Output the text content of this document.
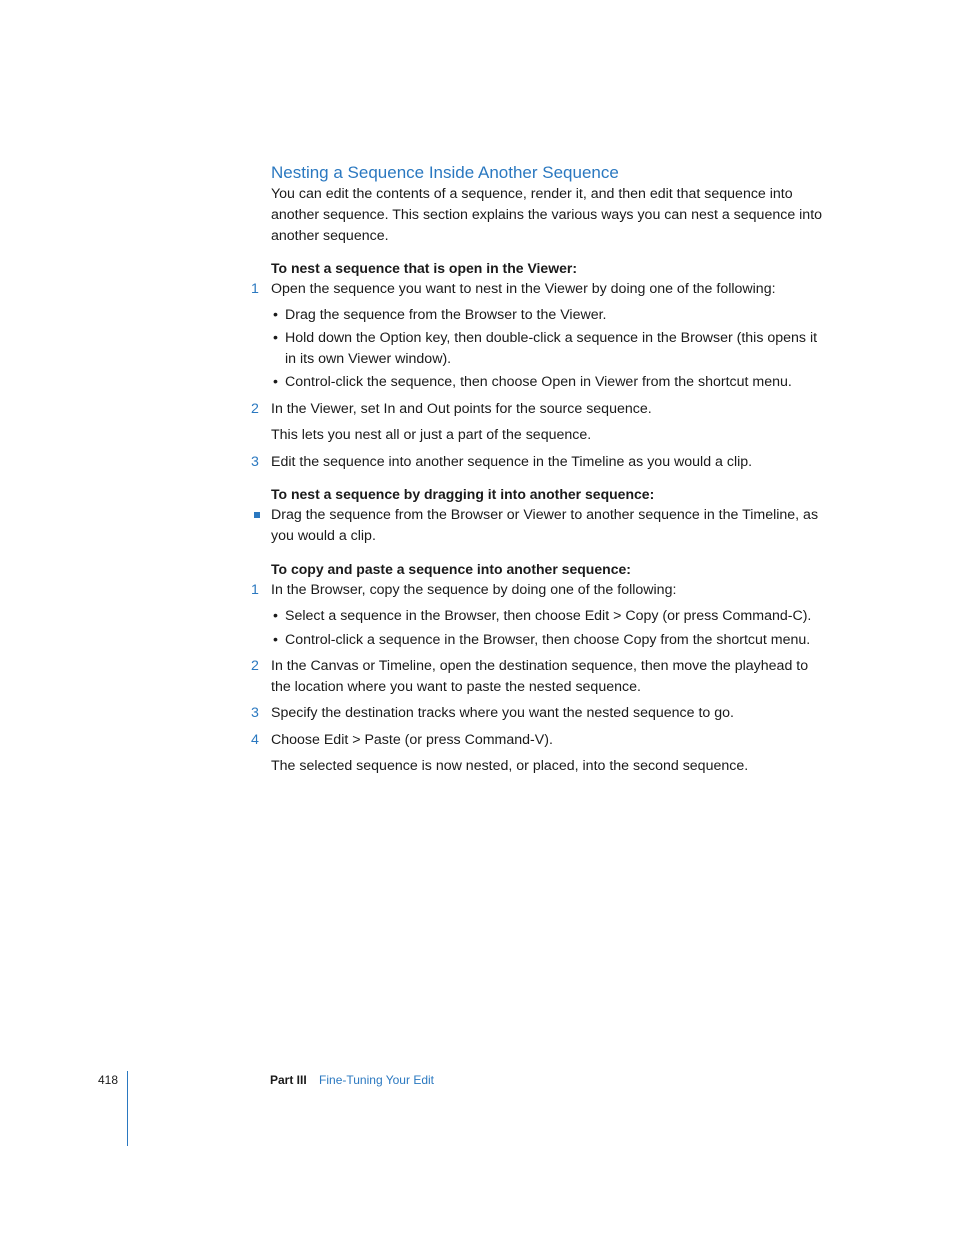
Nesting a Sequence Inside Another Sequence

You can edit the contents of a sequence, render it, and then edit that sequence into another sequence. This section explains the various ways you can nest a sequence into another sequence.

To nest a sequence that is open in the Viewer:

1 Open the sequence you want to nest in the Viewer by doing one of the following:
• Drag the sequence from the Browser to the Viewer.
• Hold down the Option key, then double-click a sequence in the Browser (this opens it in its own Viewer window).
• Control-click the sequence, then choose Open in Viewer from the shortcut menu.
2 In the Viewer, set In and Out points for the source sequence.

This lets you nest all or just a part of the sequence.

3 Edit the sequence into another sequence in the Timeline as you would a clip.

To nest a sequence by dragging it into another sequence:

Drag the sequence from the Browser or Viewer to another sequence in the Timeline, as you would a clip.

To copy and paste a sequence into another sequence:

1 In the Browser, copy the sequence by doing one of the following:
• Select a sequence in the Browser, then choose Edit > Copy (or press Command-C).
• Control-click a sequence in the Browser, then choose Copy from the shortcut menu.
2 In the Canvas or Timeline, open the destination sequence, then move the playhead to the location where you want to paste the nested sequence.
3 Specify the destination tracks where you want the nested sequence to go.
4 Choose Edit > Paste (or press Command-V).

The selected sequence is now nested, or placed, into the second sequence.

418	Part III Fine-Tuning Your Edit
